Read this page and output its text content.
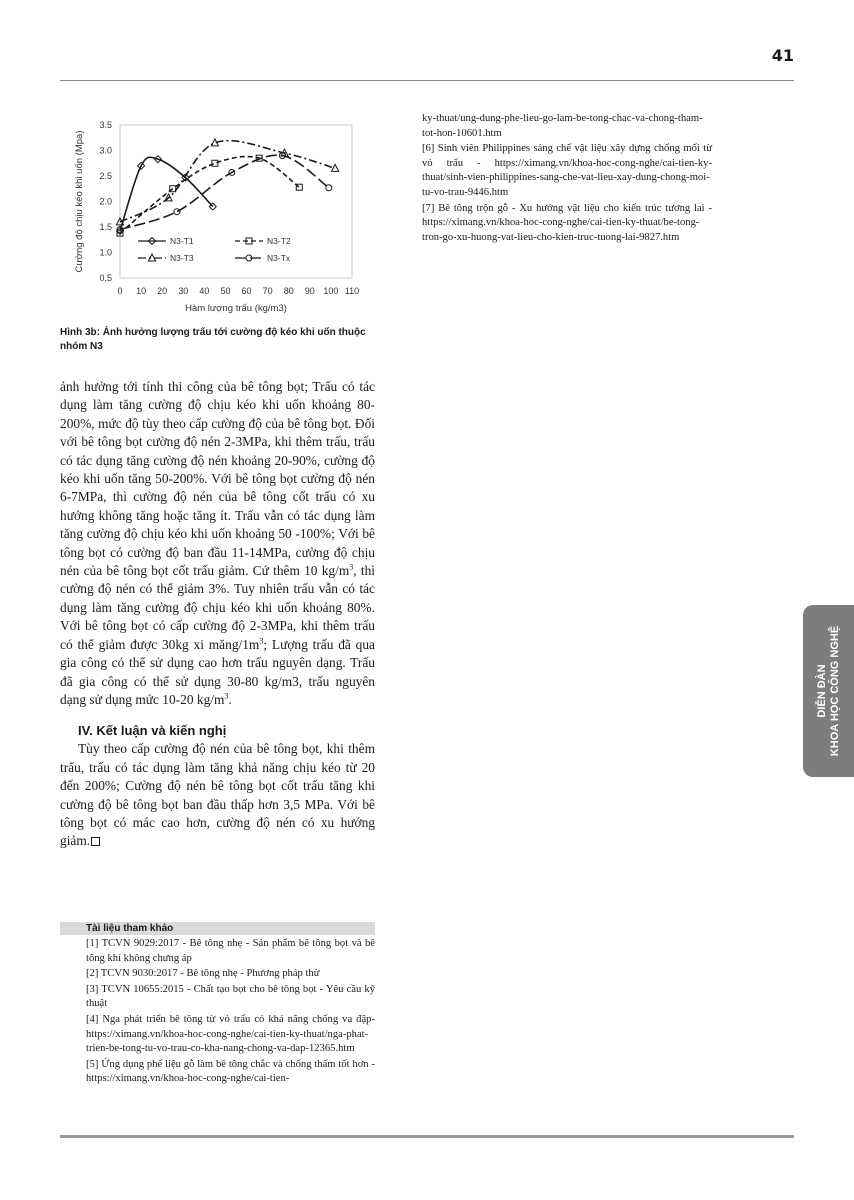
41
0.5
1.0
1.5
2.0
2.5
3.0
3.5
0 10 20 30 40 50 60 70 80 90 100 110
Hàm lượng trấu (kg/m3)
Cường độ chịu kéo khi uốn (Mpa)	N3-T1	N3-T2
N3-T3	N3-Tx
Hình 3b: Ảnh hưởng lượng trấu tới cường độ kéo khi uốn thuộc nhóm N3

ảnh hưởng tới tính thi công của bê tông bọt; Trấu có tác dụng làm tăng cường độ chịu kéo khi uốn khoảng 80-200%, mức độ tùy theo cấp cường độ của bê tông bọt. Đối với bê tông bọt cường độ nén 2-3MPa, khi thêm trấu, trấu có tác dụng tăng cường độ nén khoảng 20-90%, cường độ kéo khi uốn tăng 50-200%. Với bê tông bọt cường độ nén 6-7MPa, thì cường độ nén của bê tông cốt trấu có xu hướng không tăng hoặc tăng ít. Trấu vẫn có tác dụng làm tăng cường độ chịu kéo khi uốn khoảng 50 -100%; Với bê tông bọt có cường độ ban đầu 11-14MPa, cường độ chịu nén của bê tông bọt cốt trấu giảm. Cứ thêm 10 $kg/m^3$, thì cường độ nén có thể giảm 3%. Tuy nhiên trấu vẫn có tác dụng làm tăng cường độ chịu kéo khi uốn khoảng 80%. Với bê tông bọt có cấp cường độ 2-3MPa, khi thêm trấu có thể giảm được 30kg xi măng/$1m^3$; Lượng trấu đã qua gia công có thể sử dụng cao hơn trấu nguyên dạng. Trấu đã gia công có thể sử dụng 30-80 kg/m3, trấu nguyên dạng sử dụng mức 10-20 $kg/m^3$.

IV. Kết luận và kiến nghị

Tùy theo cấp cường độ nén của bê tông bọt, khi thêm trấu, trấu có tác dụng làm tăng khả năng chịu kéo từ 20 đến 200%; Cường độ nén bê tông bọt cốt trấu tăng khi cường độ bê tông bọt ban đầu thấp hơn 3,5 MPa. Với bê tông bọt có mác cao hơn, cường độ nén có xu hướng giảm.

Tài liệu tham khảo

[1] TCVN 9029:2017 - Bê tông nhẹ - Sản phẩm bê tông bọt và bê tông khí không chưng áp

[2] TCVN 9030:2017 - Bê tông nhẹ - Phương pháp thử

[3] TCVN 10655:2015 - Chất tạo bọt cho bê tông bọt - Yêu cầu kỹ thuật

[4] Nga phát triển bê tông từ vỏ trấu có khả năng chống va đập-https://ximang.vn/khoa-hoc-cong-nghe/cai-tien-ky-thuat/nga-phat-trien-be-tong-tu-vo-trau-co-kha-nang-chong-va-dap-12365.htm

[5] Ứng dụng phế liệu gỗ làm bê tông chắc và chống thấm tốt hơn -https://ximang.vn/khoa-hoc-cong-nghe/cai-tien-

ky-thuat/ung-dung-phe-lieu-go-lam-be-tong-chac-va-chong-tham-tot-hon-10601.htm

[6] Sinh viên Philippines sáng chế vật liệu xây dựng chống mối từ vỏ trấu - https://ximang.vn/khoa-hoc-cong-nghe/cai-tien-ky-thuat/sinh-vien-philippines-sang-che-vat-lieu-xay-dung-chong-moi-tu-vo-trau-9446.htm

[7] Bê tông trộn gỗ - Xu hướng vật liệu cho kiến trúc tương lai -https://ximang.vn/khoa-hoc-cong-nghe/cai-tien-ky-thuat/be-tong-tron-go-xu-huong-vat-lieu-cho-kien-truc-tuong-lai-9827.htm

DIỄN ĐÀN KHOA HỌC CÔNG NGHỆ
